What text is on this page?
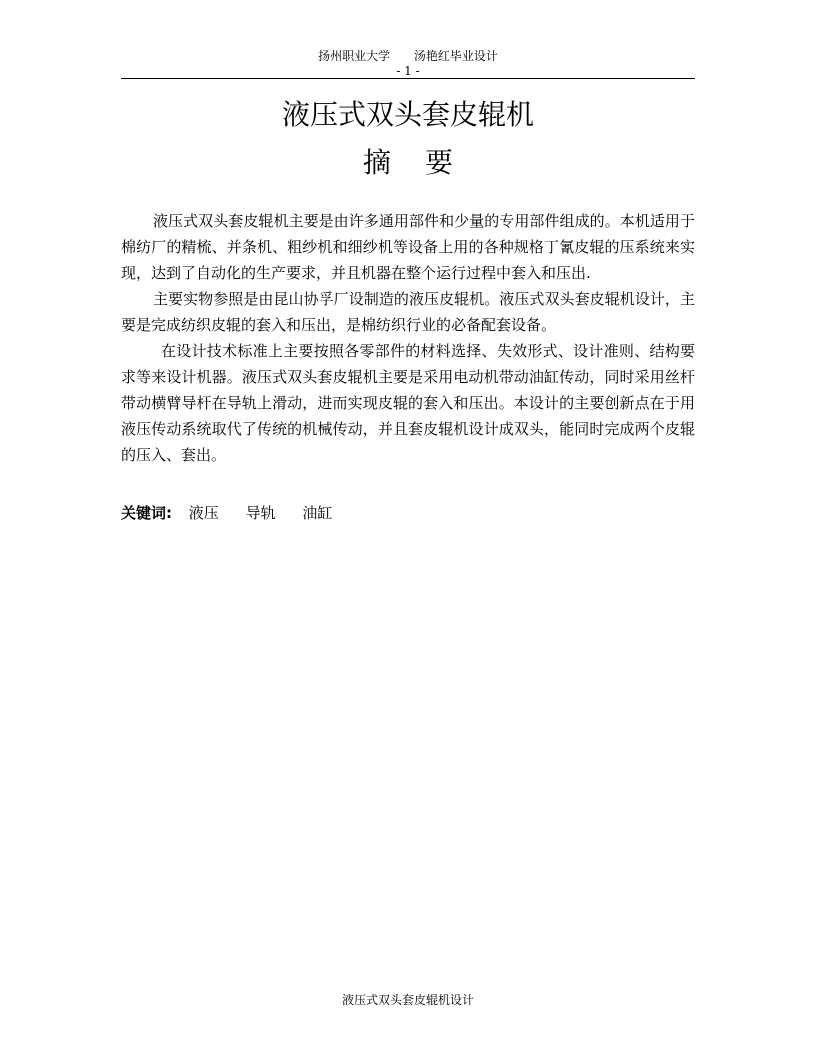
扬州职业大学 汤艳红毕业设计
- 1 -
液压式双头套皮辊机
摘要

液压式双头套皮辊机主要是由许多通用部件和少量的专用部件组成的。本机适用于棉纺厂的精梳、并条机、粗纱机和细纱机等设备上用的各种规格丁氰皮辊的压系统来实现，达到了自动化的生产要求，并且机器在整个运行过程中套入和压出.

主要实物参照是由昆山协孚厂设制造的液压皮辊机。液压式双头套皮辊机设计，主要是完成纺织皮辊的套入和压出，是棉纺织行业的必备配套设备。

在设计技术标准上主要按照各零部件的材料选择、失效形式、设计准则、结构要求等来设计机器。液压式双头套皮辊机主要是采用电动机带动油缸传动，同时采用丝杆带动横臂导杆在导轨上滑动，进而实现皮辊的套入和压出。本设计的主要创新点在于用液压传动系统取代了传统的机械传动，并且套皮辊机设计成双头，能同时完成两个皮辊的压入、套出。

关键词: 液压 导轨 油缸
液压式双头套皮辊机设计
